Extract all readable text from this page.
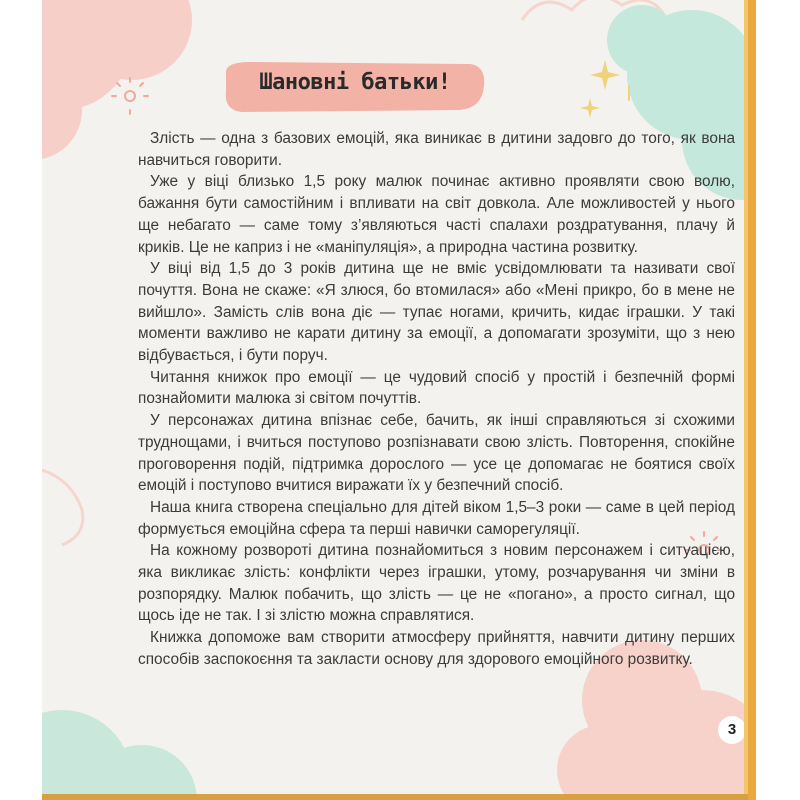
Шановні батьки!

Злість — одна з базових емоцій, яка виникає в дитини задовго до того, як вона навчиться говорити.

Уже у віці близько 1,5 року малюк починає активно проявляти свою волю, бажання бути самостійним і впливати на світ довкола. Але можливостей у нього ще небагато — саме тому з’являються часті спалахи роздратування, плачу й криків. Це не каприз і не «маніпуляція», а природна частина розвитку.

У віці від 1,5 до 3 років дитина ще не вміє усвідомлювати та називати свої почуття. Вона не скаже: «Я злюся, бо втомилася» або «Мені прикро, бо в мене не вийшло». Замість слів вона діє — тупає ногами, кричить, кидає іграшки. У такі моменти важливо не карати дитину за емоції, а допомагати зрозуміти, що з нею відбувається, і бути поруч.

Читання книжок про емоції — це чудовий спосіб у простій і безпечній формі познайомити малюка зі світом почуттів.

У персонажах дитина впізнає себе, бачить, як інші справляються зі схожими труднощами, і вчиться поступово розпізнавати свою злість. Повторення, спокійне проговорення подій, підтримка дорослого — усе це допомагає не боятися своїх емоцій і поступово вчитися виражати їх у безпечний спосіб.

Наша книга створена спеціально для дітей віком 1,5–3 роки — саме в цей період формується емоційна сфера та перші навички саморегуляції.

На кожному розвороті дитина познайомиться з новим персонажем і ситуацією, яка викликає злість: конфлікти через іграшки, утому, розчарування чи зміни в розпорядку. Малюк побачить, що злість — це не «погано», а просто сигнал, що щось іде не так. І зі злістю можна справлятися.

Книжка допоможе вам створити атмосферу прийняття, навчити дитину перших способів заспокоєння та закласти основу для здорового емоційного розвитку.

3
